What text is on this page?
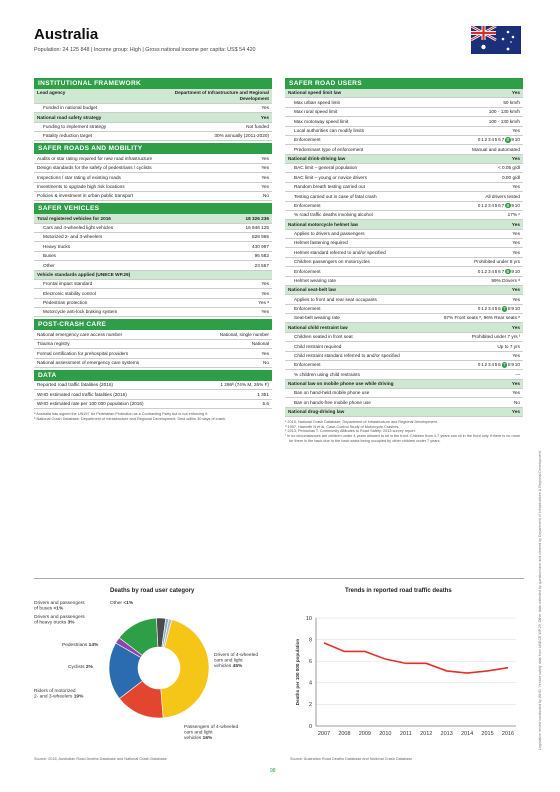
Australia
Population: 24 125 848 | Income group: High | Gross national income per capita: US$ 54 420
INSTITUTIONAL FRAMEWORK
Lead agency	Department of Infrastructure and Regional Development
Funded in national budget	Yes
National road safety strategy	Yes
Funding to implement strategy	Not funded
Fatality reduction target	30% annually (2011-2020)
SAFER ROADS AND MOBILITY
Audits or star rating required for new road infrastructure	Yes
Design standards for the safety of pedestrians / cyclists	Yes
Inspections / star rating of existing roads	Yes
Investments to upgrade high risk locations	Yes
Policies & investment in urban public transport	No
SAFER VEHICLES
Total registered vehicles for 2016	18 326 236
Cars and 4-wheeled light vehicles	16 946 125
Motorized 2- and 3-wheelers	828 965
Heavy trucks	430 997
Buses	96 582
Other	23 567
Vehicle standards applied (UNECE WP.29)
Frontal impact standard	Yes
Electronic stability control	Yes
Pedestrian protection	Yes ᵃ
Motorcycle anti-lock braking system	Yes
POST-CRASH CARE
National emergency care access number	National, single number
Trauma registry	National
Formal certification for prehospital providers	Yes
National assessment of emergency care systems	No
DATA
Reported road traffic fatalities (2016)	1 296ᵇ (74% M, 26% F)
WHO estimated road traffic fatalities (2016)	1 351
WHO estimated rate per 100 000 population (2016)	5.6
ᵃ Australia has signed the UN197 for Pedestrian Protection as a Contracting Party but is not enforcing it.
ᵇ National Crash Database, Department of Infrastructure and Regional Development. Died within 30 days of crash.
SAFER ROAD USERS
National speed limit law	Yes
Max urban speed limit	50 km/h
Max rural speed limit	100 - 130 km/h
Max motorway speed limit	100 - 130 km/h
Local authorities can modify limits	Yes
Enforcement	01234567 8 910
Predominant type of enforcement	Manual and automated
National drink-driving law	Yes
BAC limit – general population	< 0.05 g/dl
BAC limit – young or novice drivers	0.00 g/dl
Random breath testing carried out	Yes
Testing carried out in case of fatal crash	All drivers tested
Enforcement	01234567 8 910
% road traffic deaths involving alcohol	17% ᶜ
National motorcycle helmet law	Yes
Applies to drivers and passengers	Yes
Helmet fastening required	Yes
Helmet standard referred to and/or specified	Yes
Children passengers on motorcycles	Prohibited under 8 yrs
Enforcement	01234567 8 910
Helmet wearing rate	99% Drivers ᵈ
National seat-belt law	Yes
Applies to front and rear seat occupants	Yes
Enforcement	0123456 7 8910
Seat-belt wearing rate	97% Front seats ᵉ, 96% Rear seats ᵉ
National child restraint law	Yes
Children seated in front seat	Prohibited under 7 yrs ᶠ
Child restraint required	Up to 7 yrs
Child restraint standard referred to and/or specified	Yes
Enforcement	0123456 7 8910
% children using child restraints	—
National law on mobile phone use while driving	Yes
Ban on hand-held mobile phone use	Yes
Ban on hands-free mobile phone use	No
National drug-driving law	Yes
ᶜ 2015, National Crash Database, Department of Infrastructure and Regional Development.
ᵈ 1997, Haworth N et al, Case-Control Study of Motorcycle Crashes.
ᵉ 2013, Petroulias T. Community Attitudes to Road Safety: 2013 survey report.
ᶠ In no circumstances are children under 4 years allowed to sit in the front. Children from 4-7 years can sit in the front only if there is no room for them in the back due to the back seats being occupied by other children under 7 years.
Deaths by road user category
Drivers of 4-wheeled cars and light vehicles 45%
Passengers of 4-wheeled cars and light vehicles 16%
Riders of motorized 2- and 3-wheelers 19%
Cyclists 2%
Pedestrians 14%
Drivers and passengers of heavy trucks 3%
Drivers and passengers of buses <1%
Other <1%
Source: 2016, Australian Road Deaths Database and National Crash Database
Trends in reported road traffic deaths
0
2
4
6
8
10
2007 2008 2009 2010 2011 2012 2013 2014 2015 2016
Deaths per 100 000 population
Source: Australian Road Deaths Database and National Crash Database
98
Legislative review conducted by WHO. Vehicle safety data from UNECE WP.29. Other data collected by questionnaire and cleared by Department of Infrastructure & Regional Development.
